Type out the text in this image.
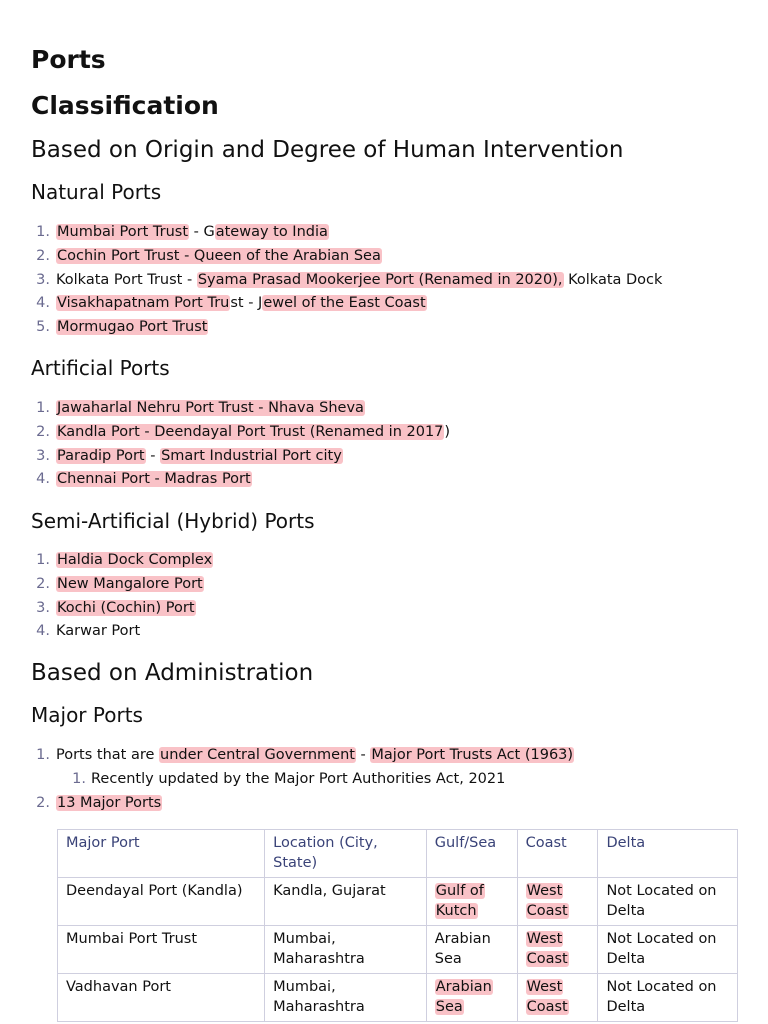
Ports
Classification
Based on Origin and Degree of Human Intervention
Natural Ports
1. Mumbai Port Trust - Gateway to India
2. Cochin Port Trust - Queen of the Arabian Sea
3. Kolkata Port Trust - Syama Prasad Mookerjee Port (Renamed in 2020), Kolkata Dock
4. Visakhapatnam Port Trust - Jewel of the East Coast
5. Mormugao Port Trust
Artificial Ports
1. Jawaharlal Nehru Port Trust - Nhava Sheva
2. Kandla Port - Deendayal Port Trust (Renamed in 2017)
3. Paradip Port - Smart Industrial Port city
4. Chennai Port - Madras Port
Semi-Artificial (Hybrid) Ports
1. Haldia Dock Complex
2. New Mangalore Port
3. Kochi (Cochin) Port
4. Karwar Port
Based on Administration
Major Ports
1. Ports that are under Central Government - Major Port Trusts Act (1963)
1. Recently updated by the Major Port Authorities Act, 2021
2. 13 Major Ports
Major Port	Location (City, State)	Gulf/Sea	Coast	Delta
Deendayal Port (Kandla)	Kandla, Gujarat	Gulf of Kutch	West Coast	Not Located on Delta
Mumbai Port Trust	Mumbai, Maharashtra	Arabian Sea	West Coast	Not Located on Delta
Vadhavan Port	Mumbai, Maharashtra	Arabian Sea	West Coast	Not Located on Delta
